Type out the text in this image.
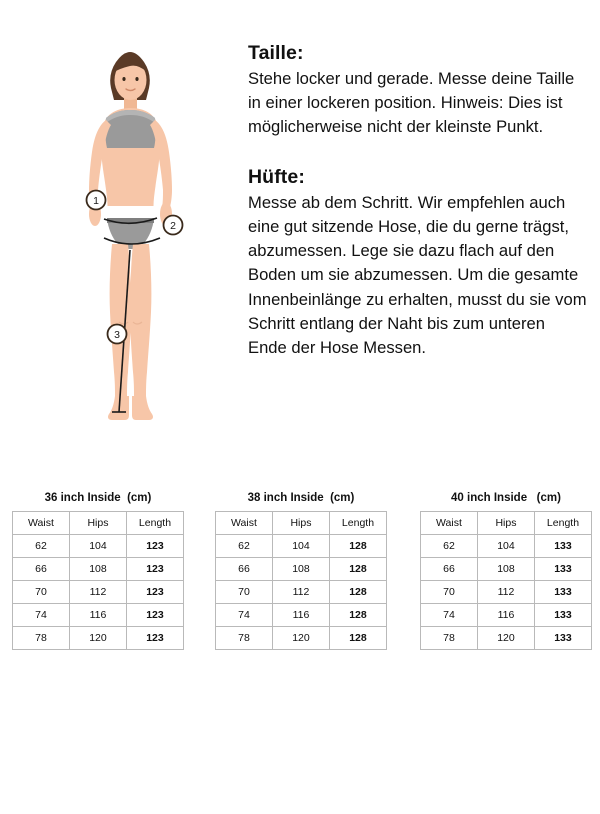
1
2
3
Taille:

Stehe locker und gerade. Messe deine Taille in einer lockeren position. Hinweis: Dies ist möglicherweise nicht der kleinste Punkt.

Hüfte:

Messe ab dem Schritt. Wir empfehlen auch eine gut sitzende Hose, die du gerne trägst, abzumessen. Lege sie dazu flach auf den Boden um sie abzumessen. Um die gesamte Innenbeinlänge zu erhalten, musst du sie vom Schritt entlang der Naht bis zum unteren Ende der Hose Messen.

36 inch Inside  (cm)
Waist	Hips	Length
62	104	123
66	108	123
70	112	123
74	116	123
78	120	123
38 inch Inside  (cm)
Waist	Hips	Length
62	104	128
66	108	128
70	112	128
74	116	128
78	120	128
40 inch Inside   (cm)
Waist	Hips	Length
62	104	133
66	108	133
70	112	133
74	116	133
78	120	133
